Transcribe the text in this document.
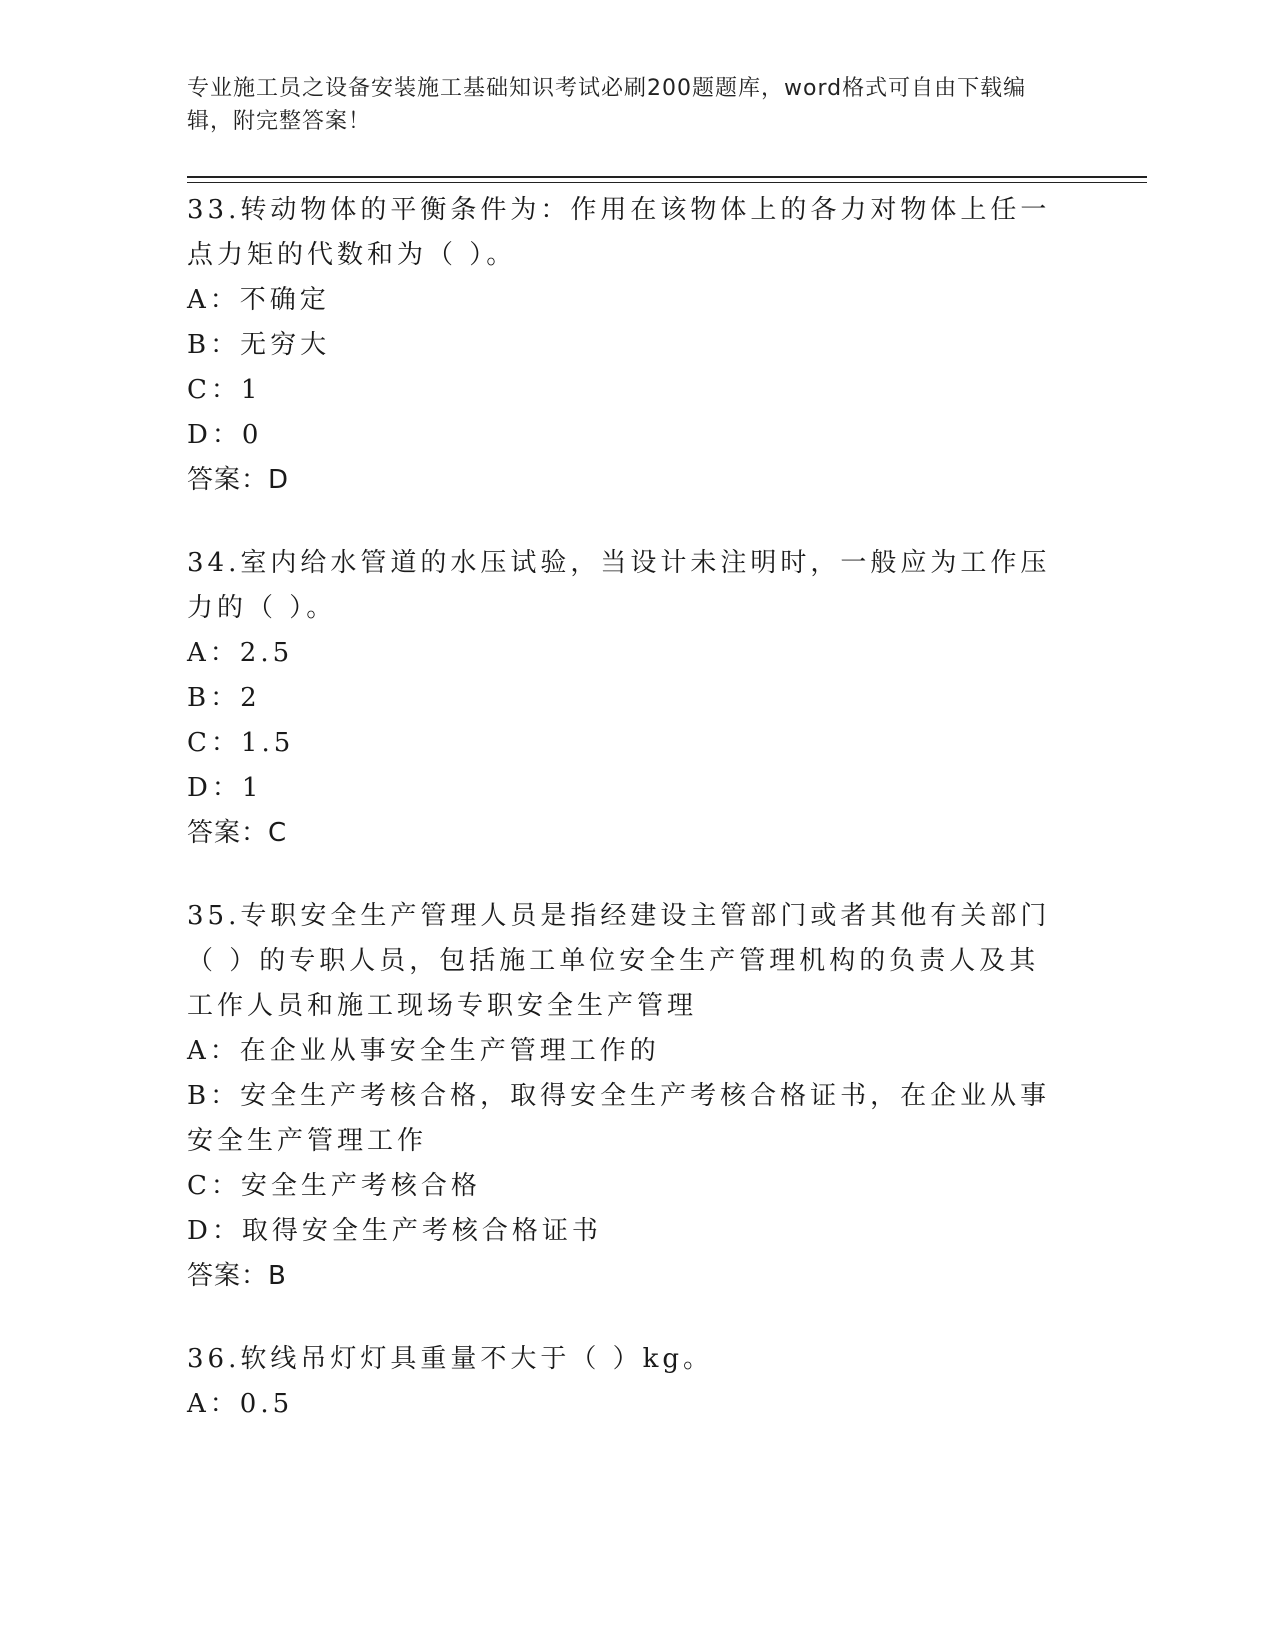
专业施工员之设备安装施工基础知识考试必刷200题题库，word格式可自由下载编辑，附完整答案！

33.转动物体的平衡条件为：作用在该物体上的各力对物体上任一点力矩的代数和为（ ）。

A：不确定

B：无穷大

C：1

D：0

答案：D

34.室内给水管道的水压试验，当设计未注明时，一般应为工作压力的（ ）。

A：2.5

B：2

C：1.5

D：1

答案：C

35.专职安全生产管理人员是指经建设主管部门或者其他有关部门（ ）的专职人员，包括施工单位安全生产管理机构的负责人及其工作人员和施工现场专职安全生产管理

A：在企业从事安全生产管理工作的

B：安全生产考核合格，取得安全生产考核合格证书，在企业从事安全生产管理工作

C：安全生产考核合格

D：取得安全生产考核合格证书

答案：B

36.软线吊灯灯具重量不大于（ ）kg。

A：0.5
